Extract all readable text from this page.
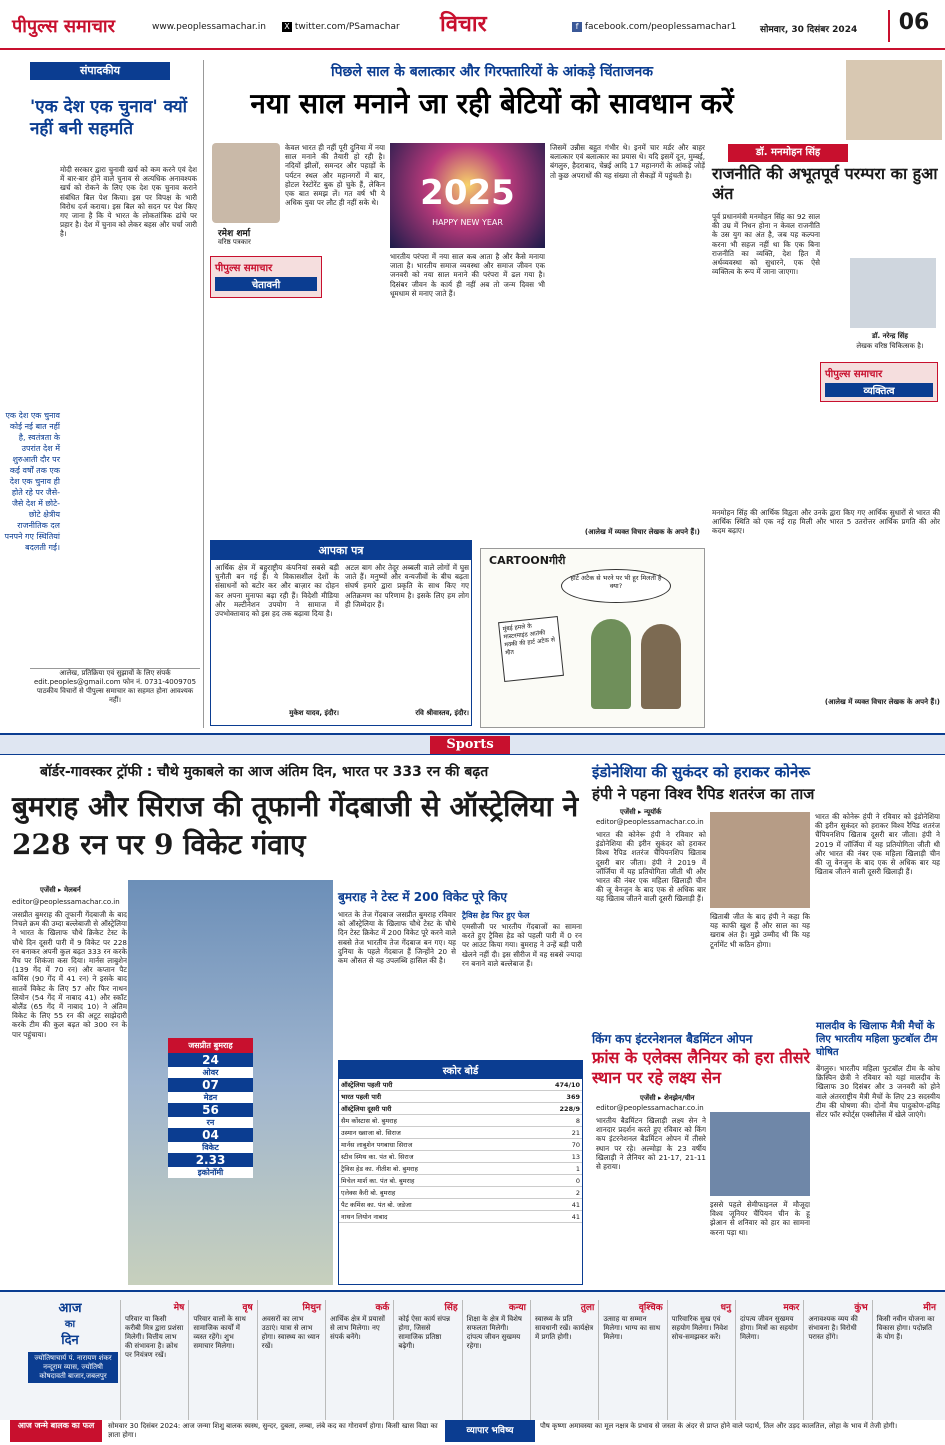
पीपुल्स समाचार	www.peoplessamachar.in X twitter.com/PSamachar विचार	f facebook.com/peoplessamachar1	सोमवार, 30 दिसंबर 2024	06
संपादकीय
'एक देश एक चुनाव' क्यों नहीं बनी सहमति
मोदी सरकार द्वारा चुनावी खर्च को कम करने एवं देश में बार-बार होने वाले चुनाव से अत्यधिक अनावश्यक खर्च को रोकने के लिए एक देश एक चुनाव कराने संबंधित बिल पेश किया। इस पर विपक्ष के भारी विरोध दर्ज कराया। इस बिल को सदन पर पेश किए गए जाना है कि ये भारत के लोकतांत्रिक ढांचे पर प्रहार है। देश में चुनाव को लेकर बहस और चर्चा जारी है।
एक देश एक चुनाव कोई नई बात नहीं है, स्वतंत्रता के उपरांत देश में शुरुआती दौर पर कई वर्षों तक एक देश एक चुनाव ही होते रहे पर जैसे-जैसे देश में छोटे-छोटे क्षेत्रीय राजनीतिक दल पनपने गए स्थितियां बदलती गई।
आलेख, प्रतिक्रिया एवं सुझावों के लिए संपर्क
edit.peoples@gmail.com फोन नं. 0731-4009705
पाठकीय विचारों से पीपुल्स समाचार का सहमत होना आवश्यक नहीं।
पिछले साल के बलात्कार और गिरफ्तारियों के आंकड़े चिंताजनक
नया साल मनाने जा रही बेटियों को सावधान करें
रमेश शर्मा
वरिष्ठ पत्रकार
पीपुल्स समाचार
चेतावनी
केवल भारत ही नहीं पूरी दुनिया में नया साल मनाने की तैयारी हो रही है। नदियों झीलों, समन्दर और पहाड़ों के पर्यटन स्थल और महानगरों में बार, होटल रेस्टोरेंट बुक हो चुके हैं, लेकिन एक बात समझ लें। गत वर्ष भी ये अधिक युवा पर लौट ही नहीं सके थे।	2025
HAPPY NEW YEAR
भारतीय परंपरा में नया साल कब आता है और कैसे मनाया जाता है। भारतीय समाज व्यवस्था और समाज जीवन एक जनवरी को नया साल मनाने की परंपरा में ढल गया है। दिसंबर जीवन के कार्य ही नहीं अब तो जन्म दिवस भी धूमधाम से मनाए जाते हैं।
जिसमें उन्नीस बहुत गंभीर थे। इनमें चार मर्डर और बाहर बलात्कार एवं बलात्कार का प्रयास थे। यदि इसमें दून, मुम्बई, बंगलुरु, हैदराबाद, चेन्नई आदि 17 महानगरों के आंकड़े जोड़ें तो कुछ अपराधों की यह संख्या तो सैकड़ों में पहुंचती है।
(आलेख में व्यक्त विचार लेखक के अपने हैं।)
डॉ. मनमोहन सिंह
राजनीति की अभूतपूर्व परम्परा का हुआ अंत
पूर्व प्रधानमंत्री मनमोहन सिंह का 92 साल की उम्र में निधन होना न केवल राजनीति के उस युग का अंत है, जब यह कल्पना करना भी सहज नहीं था कि एक बिना राजनीति का व्यक्ति, देश हित में अर्थव्यवस्था को सुधारने, एक ऐसे व्यक्तित्व के रूप में जाना जाएगा।
डॉ. नरेन्द्र सिंह
लेखक वरिष्ठ चिकित्सक है।
पीपुल्स समाचार
व्यक्तित्व
मनमोहन सिंह की आर्थिक विद्वता और उनके द्वारा किए गए आर्थिक सुधारों से भारत की आर्थिक स्थिति को एक नई राह मिली और भारत 5 उतरोत्तर आर्थिक प्रगति की ओर कदम बढ़ाए।
(आलेख में व्यक्त विचार लेखक के अपने हैं।)
आपका पत्र
आर्थिक क्षेत्र में बहुराष्ट्रीय कंपनियां सबसे बड़ी चुनौती बन गई हैं। ये विकासशील देशों के संसाधनों को बटोर कर और बाज़ार का दोहन कर अपना मुनाफा बढ़ा रही हैं। विदेशी मीडिया और मल्टीनेशन उपयोग ने सामाज में उपभोक्तावाद को इस हद तक बढ़ावा दिया है।
मुकेश यादव, इंदौर।
अटल बाग और तेदूर अब्बली वाले लोगों में घुस जाते हैं। मनुष्यों और वन्यजीवों के बीच बढ़ता संघर्ष हमारे द्वारा प्रकृति के साथ किए गए अतिक्रमण का परिणाम है। इसके लिए हम लोग ही जिम्मेदार हैं।
रवि श्रीवास्तव, इंदौर।
CARTOONगीरी
हार्ट अटैक से भरने पर भी हूर मिलती है क्या?
मुंबई हमले के मास्टरमाइंड आतंकी मक्की की हार्ट अटैक से मौत
Sports
बॉर्डर-गावस्कर ट्रॉफी : चौथे मुकाबले का आज अंतिम दिन, भारत पर 333 रन की बढ़त
बुमराह और सिराज की तूफानी गेंदबाजी से ऑस्ट्रेलिया ने 228 रन पर 9 विकेट गंवाए
एजेंसी ▸ मेलबर्न
editor@peoplessamachar.co.in
जसप्रीत बुमराह की तूफानी गेंदबाजी के बाद निचले क्रम की उम्दा बल्लेबाजी से ऑस्ट्रेलिया ने भारत के खिलाफ चौथे क्रिकेट टेस्ट के चौथे दिन दूसरी पारी में 9 विकेट पर 228 रन बनाकर अपनी कुल बढ़त 333 रन करके मैच पर शिकंजा कस दिया। मार्नस लाबुशेन (139 गेंद में 70 रन) और कप्तान पैट कमिंस (90 गेंद में 41 रन) ने इसके बाद सातवें विकेट के लिए 57 और फिर नाथन लियोन (54 गेंद में नाबाद 41) और स्कॉट बोलैंड (65 गेंद में नाबाद 10) ने अंतिम विकेट के लिए 55 रन की अटूट साझेदारी करके टीम की कुल बढ़त को 300 रन के पार पहुंचाया।
जसप्रीत बुमराह
24
ओवर
07
मेडन
56
रन
04
विकेट
2.33
इकोनॉमी
बुमराह ने टेस्ट में 200 विकेट पूरे किए
भारत के तेज गेंदबाज जसप्रीत बुमराह रविवार को ऑस्ट्रेलिया के खिलाफ चौथे टेस्ट के चौथे दिन टेस्ट क्रिकेट में 200 विकेट पूरे करने वाले सबसे तेज भारतीय तेज गेंदबाज बन गए। यह दुनिया के पहले गेंदबाज हैं जिन्होंने 20 से कम औसत से यह उपलब्धि हासिल की है।
ट्रैविस हेड फिर हुए फेल
एमसीजी पर भारतीय गेंदबाजों का सामना करते हुए ट्रैविस हेड को पहली पारी में 0 रन पर आउट किया गया। बुमराह ने उन्हें बड़ी पारी खेलने नहीं दी। इस सीरीज में वह सबसे ज्यादा रन बनाने वाले बल्लेबाज हैं।
स्कोर बोर्ड
ऑस्ट्रेलिया पहली पारी	474/10
भारत पहली पारी	369
ऑस्ट्रेलिया दूसरी पारी	228/9
सैम कोंस्टास बो. बुमराह	8
उस्मान ख्वाजा बो. सिराज	21
मार्नस लाबुशेन पगबाधा सिराज	70
स्टीव स्मिथ का. पंत बो. सिराज	13
ट्रैविस हेड का. नीतीश बो. बुमराह	1
मिचेल मार्श का. पंत बो. बुमराह	0
एलेक्स कैरी बो. बुमराह	2
पैट कमिंस का. पंत बो. जडेजा	41
नाथन लियोन नाबाद	41
इंडोनेशिया की सुकंदर को हराकर कोनेरू
हंपी ने पहना विश्व रैपिड शतरंज का ताज
एजेंसी ▸ न्यूयॉर्क
editor@peoplessamachar.co.in
भारत की कोनेरू हंपी ने रविवार को इंडोनेशिया की इरीन सुकंदर को हराकर विश्व रैपिड शतरंज चैंपियनशिप खिताब दूसरी बार जीता। हंपी ने 2019 में जॉर्जिया में यह प्रतियोगिता जीती थी और भारत की नंबर एक महिला खिलाड़ी चीन की जू वेनजुन के बाद एक से अधिक बार यह खिताब जीतने वाली दूसरी खिलाड़ी हैं।
खिताबी जीत के बाद हंपी ने कहा कि यह काफी खुश हैं और साल का यह खराब अंत है। मुझे उम्मीद थी कि यह टूर्नामेंट भी कठिन होगा।
भारत की कोनेरू हंपी ने रविवार को इंडोनेशिया की इरीन सुकंदर को हराकर विश्व रैपिड शतरंज चैंपियनशिप खिताब दूसरी बार जीता। हंपी ने 2019 में जॉर्जिया में यह प्रतियोगिता जीती थी और भारत की नंबर एक महिला खिलाड़ी चीन की जू वेनजुन के बाद एक से अधिक बार यह खिताब जीतने वाली दूसरी खिलाड़ी हैं।
किंग कप इंटरनेशनल बैडमिंटन ओपन
फ्रांस के एलेक्स लैनियर को हरा तीसरे स्थान पर रहे लक्ष्य सेन
एजेंसी ▸ शेनझेन/चीन
editor@peoplessamachar.co.in
भारतीय बैडमिंटन खिलाड़ी लक्ष्य सेन ने शानदार प्रदर्शन करते हुए रविवार को किंग कप इंटरनेशनल बैडमिंटन ओपन में तीसरे स्थान पर रहे। अल्मोड़ा के 23 वर्षीय खिलाड़ी ने लैनियर को 21-17, 21-11 से हराया।
इससे पहले सेमीफाइनल में मौजूदा विश्व जूनियर चैंपियन चीन के हू झेआन से शनिवार को हार का सामना करना पड़ा था।
मालदीव के खिलाफ मैत्री मैचों के लिए भारतीय महिला फुटबॉल टीम घोषित
बेंगलुरु। भारतीय महिला फुटबॉल टीम के कोच क्रिस्पिन छेत्री ने रविवार को यहां मालदीव के खिलाफ 30 दिसंबर और 3 जनवरी को होने वाले अंतरराष्ट्रीय मैत्री मैचों के लिए 23 सदस्यीय टीम की घोषणा की। दोनों मैच पादुकोण-द्रविड़ सेंटर फॉर स्पोर्ट्स एक्सीलेंस में खेले जाएंगे।
आज
का
दिन
ज्योतिषाचार्य पं. नारायण शंकर नन्दूराम व्यास, ज्योतिषी कोषदावती बाजार,जबलपुर
मेष
परिवार या किसी करीबी मित्र द्वारा प्रशंसा मिलेगी। वित्तीय लाभ की संभावना है। क्रोध पर नियंत्रण रखें।
वृष
परिवार वालों के साथ सामाजिक कार्यों में व्यस्त रहेंगे। शुभ समाचार मिलेगा।
मिथुन
अवसरों का लाभ उठाएं। यात्रा से लाभ होगा। स्वास्थ्य का ध्यान रखें।
कर्क
आर्थिक क्षेत्र में प्रयासों से लाभ मिलेगा। नए संपर्क बनेंगे।
सिंह
कोई ऐसा कार्य संपन्न होगा, जिससे सामाजिक प्रतिष्ठा बढ़ेगी।
कन्या
शिक्षा के क्षेत्र में विशेष सफलता मिलेगी। दांपत्य जीवन सुखमय रहेगा।
तुला
स्वास्थ्य के प्रति सावधानी रखें। कार्यक्षेत्र में प्रगति होगी।
वृश्चिक
उत्साह या सम्मान मिलेगा। भाग्य का साथ मिलेगा।
धनु
पारिवारिक सुख एवं सहयोग मिलेगा। निवेश सोच-समझकर करें।
मकर
दांपत्य जीवन सुखमय होगा। मित्रों का सहयोग मिलेगा।
कुंभ
अनावश्यक व्यय की संभावना है। विरोधी परास्त होंगे।
मीन
किसी नवीन योजना का विकास होगा। पदोन्नति के योग हैं।
आज जन्मे बालक का फल	सोमवार 30 दिसंबर 2024: आज जन्मा शिशु बालक स्वस्थ, सुन्दर, दुबला, लम्बा, लंबे कद का गोरावर्ण होगा। किसी खास विद्या का ज्ञाता होगा।	व्यापार भविष्य	पौष कृष्णा अमावस्या का मूल नक्षत्र के प्रभाव से जस्ता के अंदर से प्राप्त होने वाले पदार्थ, तिल और उड़द कालतिल, लोहा के भाव में तेजी होगी।
